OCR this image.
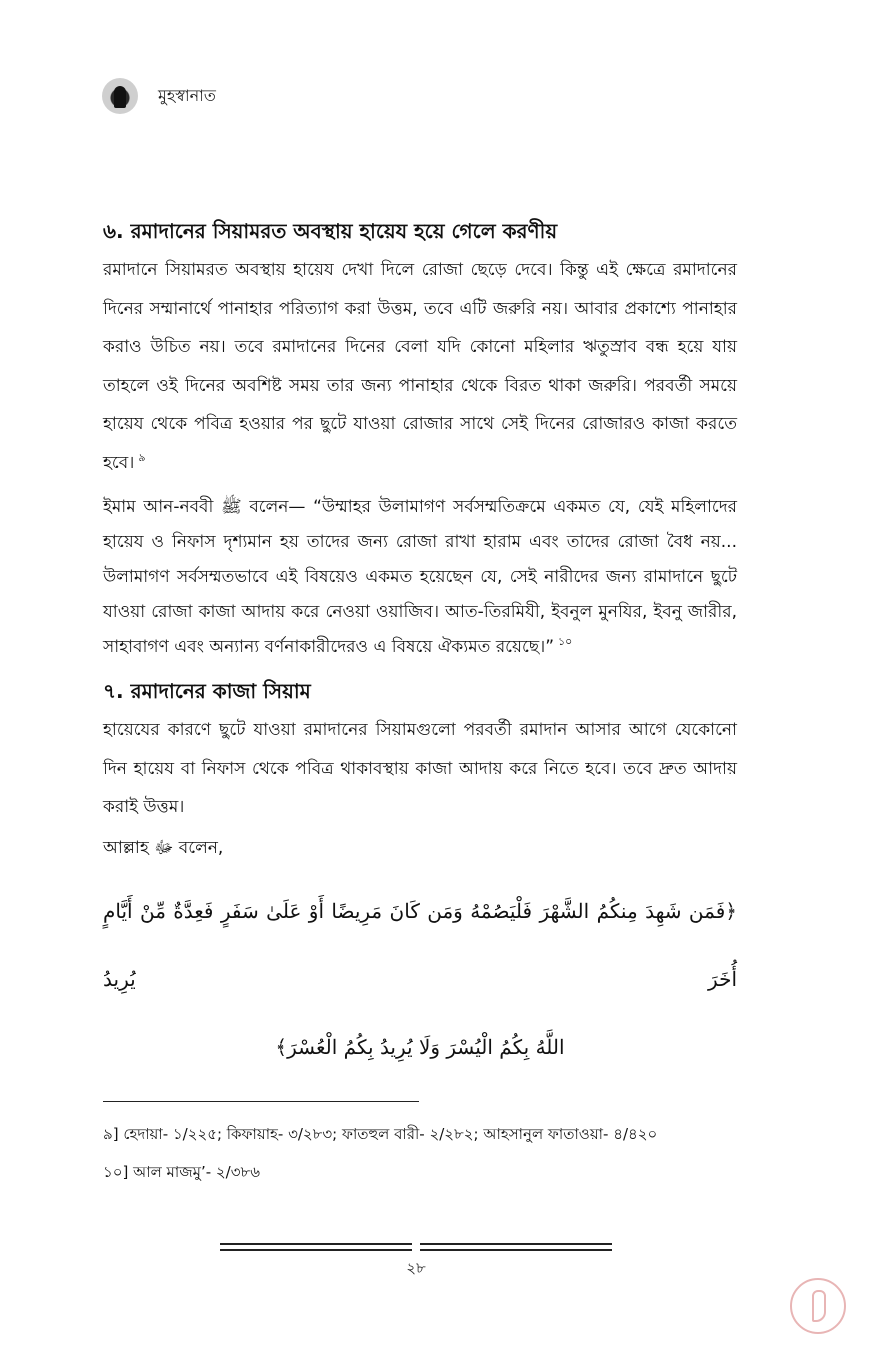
মুহস্বানাত
৬. রমাদানের সিয়ামরত অবস্থায় হায়েয হয়ে গেলে করণীয়

রমাদানে সিয়ামরত অবস্থায় হায়েয দেখা দিলে রোজা ছেড়ে দেবে। কিন্তু এই ক্ষেত্রে রমাদানের দিনের সম্মানার্থে পানাহার পরিত্যাগ করা উত্তম, তবে এটি জরুরি নয়। আবার প্রকাশ্যে পানাহার করাও উচিত নয়। তবে রমাদানের দিনের বেলা যদি কোনো মহিলার ঋতুস্রাব বন্ধ হয়ে যায় তাহলে ওই দিনের অবশিষ্ট সময় তার জন্য পানাহার থেকে বিরত থাকা জরুরি। পরবর্তী সময়ে হায়েয থেকে পবিত্র হওয়ার পর ছুটে যাওয়া রোজার সাথে সেই দিনের রোজারও কাজা করতে হবে। $^৯$

ইমাম আন-নববী ﷺ বলেন— “উম্মাহর উলামাগণ সর্বসম্মতিক্রমে একমত যে, যেই মহিলাদের হায়েয ও নিফাস দৃশ্যমান হয় তাদের জন্য রোজা রাখা হারাম এবং তাদের রোজা বৈধ নয়... উলামাগণ সর্বসম্মতভাবে এই বিষয়েও একমত হয়েছেন যে, সেই নারীদের জন্য রামাদানে ছুটে যাওয়া রোজা কাজা আদায় করে নেওয়া ওয়াজিব। আত-তিরমিযী, ইবনুল মুনযির, ইবনু জারীর, সাহাবাগণ এবং অন্যান্য বর্ণনাকারীদেরও এ বিষয়ে ঐক্যমত রয়েছে।” $^{১০}$

৭. রমাদানের কাজা সিয়াম

হায়েযের কারণে ছুটে যাওয়া রমাদানের সিয়ামগুলো পরবর্তী রমাদান আসার আগে যেকোনো দিন হায়েয বা নিফাস থেকে পবিত্র থাকাবস্থায় কাজা আদায় করে নিতে হবে। তবে দ্রুত আদায় করাই উত্তম।

আল্লাহ ﷻ বলেন,

﴿فَمَن شَهِدَ مِنكُمُ الشَّهْرَ فَلْيَصُمْهُ وَمَن كَانَ مَرِيضًا أَوْ عَلَىٰ سَفَرٍ فَعِدَّةٌ مِّنْ أَيَّامٍ أُخَرَ يُرِيدُ
اللَّهُ بِكُمُ الْيُسْرَ وَلَا يُرِيدُ بِكُمُ الْعُسْرَ﴾

৯] হেদায়া- ১/২২৫; কিফায়াহ- ৩/২৮৩; ফাতহুল বারী- ২/২৮২; আহসানুল ফাতাওয়া- ৪/৪২০

১০] আল মাজমু’- ২/৩৮৬

২৮
